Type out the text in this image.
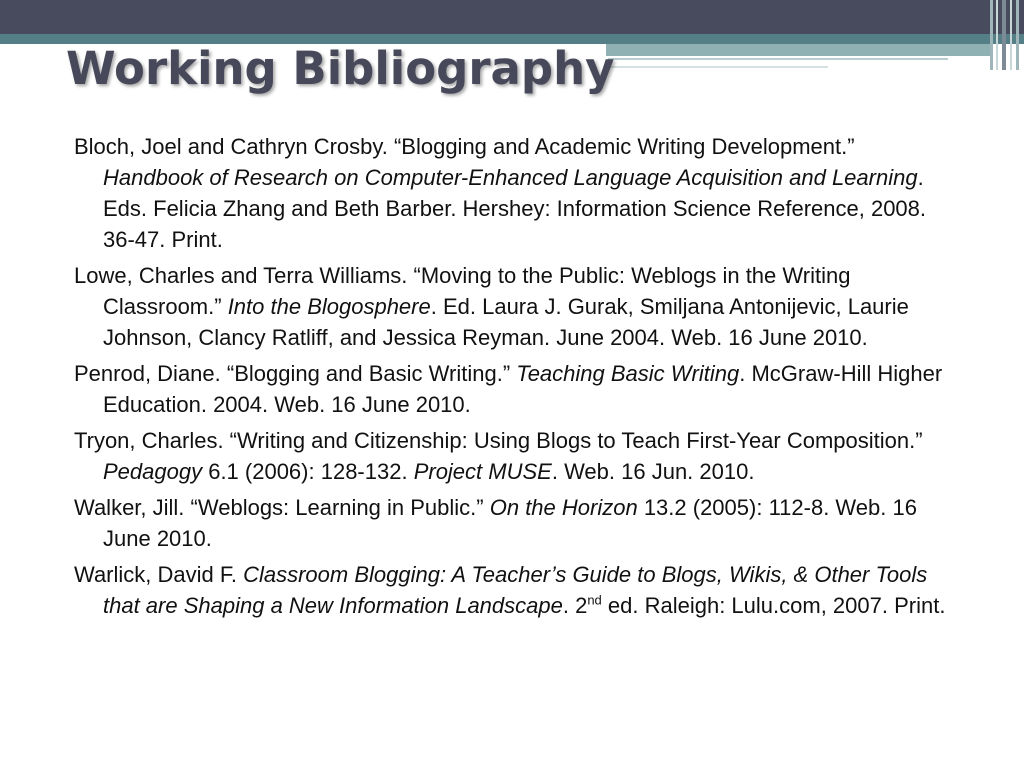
Working Bibliography
Bloch, Joel and Cathryn Crosby. “Blogging and Academic Writing Development.” Handbook of Research on Computer-Enhanced Language Acquisition and Learning. Eds. Felicia Zhang and Beth Barber. Hershey: Information Science Reference, 2008. 36-47. Print.
Lowe, Charles and Terra Williams. “Moving to the Public: Weblogs in the Writing Classroom.” Into the Blogosphere. Ed. Laura J. Gurak, Smiljana Antonijevic, Laurie Johnson, Clancy Ratliff, and Jessica Reyman. June 2004. Web. 16 June 2010.
Penrod, Diane. “Blogging and Basic Writing.” Teaching Basic Writing. McGraw-Hill Higher Education. 2004. Web. 16 June 2010.
Tryon, Charles. “Writing and Citizenship: Using Blogs to Teach First-Year Composition.” Pedagogy 6.1 (2006): 128-132. Project MUSE. Web. 16 Jun. 2010.
Walker, Jill. “Weblogs: Learning in Public.” On the Horizon 13.2 (2005): 112-8. Web. 16 June 2010.
Warlick, David F. Classroom Blogging: A Teacher’s Guide to Blogs, Wikis, & Other Tools that are Shaping a New Information Landscape. 2nd ed. Raleigh: Lulu.com, 2007. Print.
